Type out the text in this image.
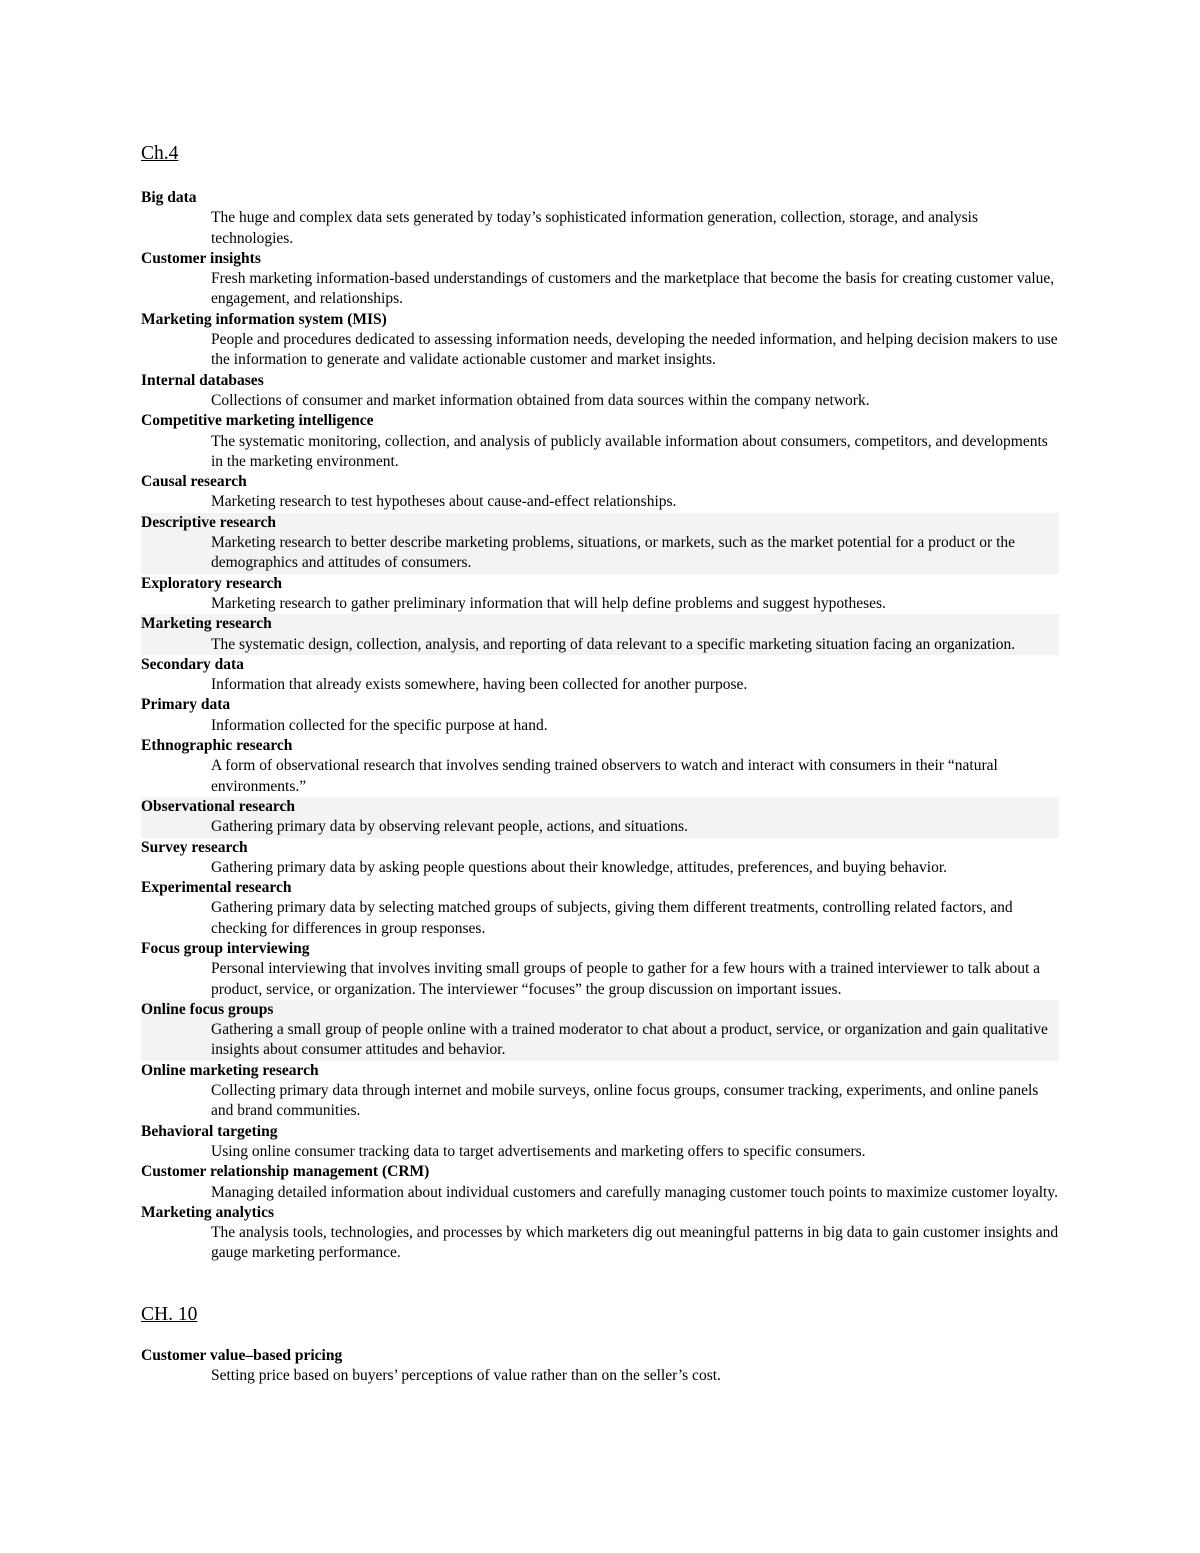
Ch.4
Big data
The huge and complex data sets generated by today’s sophisticated information generation, collection, storage, and analysis technologies.
Customer insights
Fresh marketing information-based understandings of customers and the marketplace that become the basis for creating customer value, engagement, and relationships.
Marketing information system (MIS)
People and procedures dedicated to assessing information needs, developing the needed information, and helping decision makers to use the information to generate and validate actionable customer and market insights.
Internal databases
Collections of consumer and market information obtained from data sources within the company network.
Competitive marketing intelligence
The systematic monitoring, collection, and analysis of publicly available information about consumers, competitors, and developments in the marketing environment.
Causal research
Marketing research to test hypotheses about cause-and-effect relationships.
Descriptive research
Marketing research to better describe marketing problems, situations, or markets, such as the market potential for a product or the demographics and attitudes of consumers.
Exploratory research
Marketing research to gather preliminary information that will help define problems and suggest hypotheses.
Marketing research
The systematic design, collection, analysis, and reporting of data relevant to a specific marketing situation facing an organization.
Secondary data
Information that already exists somewhere, having been collected for another purpose.
Primary data
Information collected for the specific purpose at hand.
Ethnographic research
A form of observational research that involves sending trained observers to watch and interact with consumers in their “natural environments.”
Observational research
Gathering primary data by observing relevant people, actions, and situations.
Survey research
Gathering primary data by asking people questions about their knowledge, attitudes, preferences, and buying behavior.
Experimental research
Gathering primary data by selecting matched groups of subjects, giving them different treatments, controlling related factors, and checking for differences in group responses.
Focus group interviewing
Personal interviewing that involves inviting small groups of people to gather for a few hours with a trained interviewer to talk about a product, service, or organization. The interviewer “focuses” the group discussion on important issues.
Online focus groups
Gathering a small group of people online with a trained moderator to chat about a product, service, or organization and gain qualitative insights about consumer attitudes and behavior.
Online marketing research
Collecting primary data through internet and mobile surveys, online focus groups, consumer tracking, experiments, and online panels and brand communities.
Behavioral targeting
Using online consumer tracking data to target advertisements and marketing offers to specific consumers.
Customer relationship management (CRM)
Managing detailed information about individual customers and carefully managing customer touch points to maximize customer loyalty.
Marketing analytics
The analysis tools, technologies, and processes by which marketers dig out meaningful patterns in big data to gain customer insights and gauge marketing performance.
CH. 10
Customer value–based pricing
Setting price based on buyers’ perceptions of value rather than on the seller’s cost.
